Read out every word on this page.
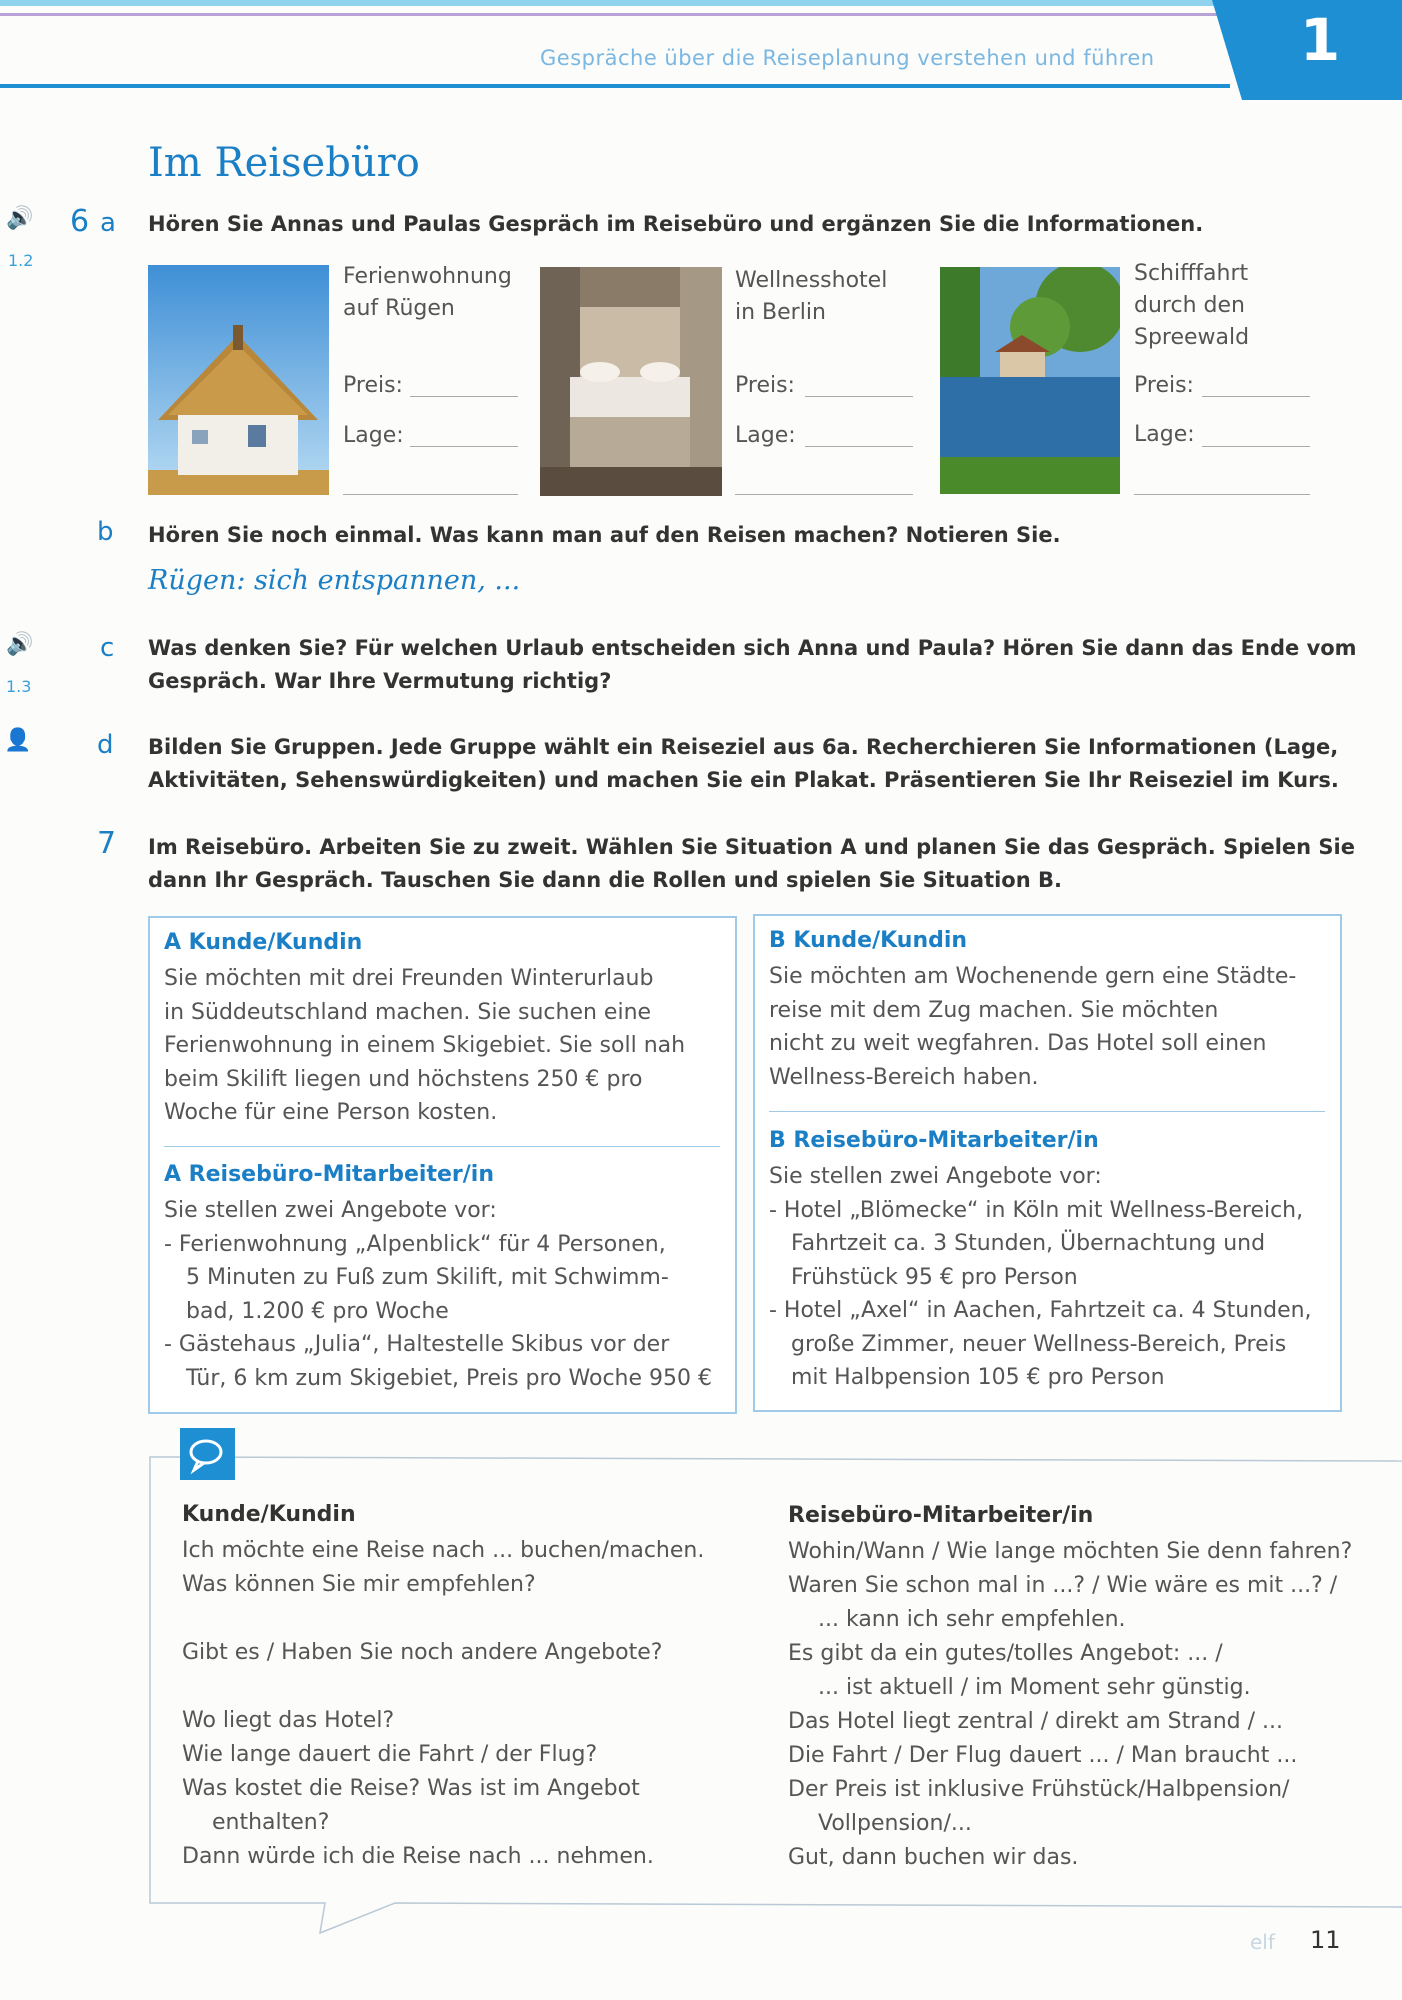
1
Gespräche über die Reiseplanung verstehen und führen
Im Reisebüro
🔊
1.2
6 a Hören Sie Annas und Paulas Gespräch im Reisebüro und ergänzen Sie die Informationen.
Ferienwohnung
auf Rügen
Preis:
Lage:
Wellnesshotel
in Berlin
Preis:
Lage:
Schifffahrt
durch den
Spreewald
Preis:
Lage:
b Hören Sie noch einmal. Was kann man auf den Reisen machen? Notieren Sie.
Rügen: sich entspannen, ...
🔊
1.3
c Was denken Sie? Für welchen Urlaub entscheiden sich Anna und Paula? Hören Sie dann das Ende vom
Gespräch. War Ihre Vermutung richtig?
👤	d Bilden Sie Gruppen. Jede Gruppe wählt ein Reiseziel aus 6a. Recherchieren Sie Informationen (Lage,
Aktivitäten, Sehenswürdigkeiten) und machen Sie ein Plakat. Präsentieren Sie Ihr Reiseziel im Kurs.
7 Im Reisebüro. Arbeiten Sie zu zweit. Wählen Sie Situation A und planen Sie das Gespräch. Spielen Sie
dann Ihr Gespräch. Tauschen Sie dann die Rollen und spielen Sie Situation B.
A Kunde/Kundin
Sie möchten mit drei Freunden Winterurlaub
in Süddeutschland machen. Sie suchen eine
Ferienwohnung in einem Skigebiet. Sie soll nah
beim Skilift liegen und höchstens 250 € pro
Woche für eine Person kosten.
A Reisebüro-Mitarbeiter/in
Sie stellen zwei Angebote vor:
- Ferienwohnung „Alpenblick“ für 4 Personen,
5 Minuten zu Fuß zum Skilift, mit Schwimm-
bad, 1.200 € pro Woche
- Gästehaus „Julia“, Haltestelle Skibus vor der
Tür, 6 km zum Skigebiet, Preis pro Woche 950 €
B Kunde/Kundin
Sie möchten am Wochenende gern eine Städte-
reise mit dem Zug machen. Sie möchten
nicht zu weit wegfahren. Das Hotel soll einen
Wellness-Bereich haben.
B Reisebüro-Mitarbeiter/in
Sie stellen zwei Angebote vor:
- Hotel „Blömecke“ in Köln mit Wellness-Bereich,
Fahrtzeit ca. 3 Stunden, Übernachtung und
Frühstück 95 € pro Person
- Hotel „Axel“ in Aachen, Fahrtzeit ca. 4 Stunden,
große Zimmer, neuer Wellness-Bereich, Preis
mit Halbpension 105 € pro Person
Kunde/Kundin
Ich möchte eine Reise nach ... buchen/machen.
Was können Sie mir empfehlen?
Gibt es / Haben Sie noch andere Angebote?
Wo liegt das Hotel?
Wie lange dauert die Fahrt / der Flug?
Was kostet die Reise? Was ist im Angebot
enthalten?
Dann würde ich die Reise nach ... nehmen.
Reisebüro-Mitarbeiter/in
Wohin/Wann / Wie lange möchten Sie denn fahren?
Waren Sie schon mal in ...? / Wie wäre es mit ...? /
... kann ich sehr empfehlen.
Es gibt da ein gutes/tolles Angebot: ... /
... ist aktuell / im Moment sehr günstig.
Das Hotel liegt zentral / direkt am Strand / ...
Die Fahrt / Der Flug dauert ... / Man braucht ...
Der Preis ist inklusive Frühstück/Halbpension/
Vollpension/...
Gut, dann buchen wir das.
elf 11
